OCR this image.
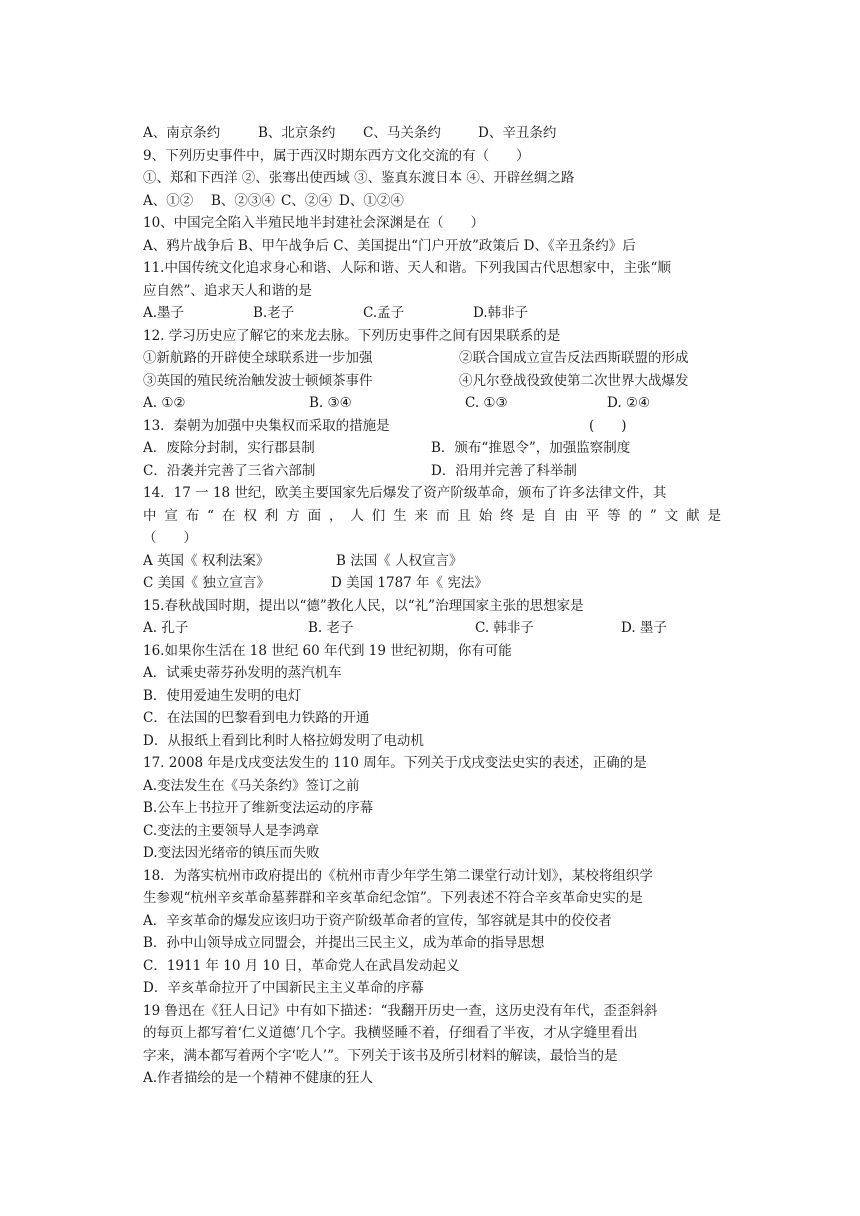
A、南京条约	B、北京条约	C、马关条约	D、辛丑条约
9、下列历史事件中，属于西汉时期东西方文化交流的有（　　）
①、郑和下西洋 ②、张骞出使西域 ③、鉴真东渡日本 ④、开辟丝绸之路
A、①②	B、②③④ C、②④ D、①②④
10、中国完全陷入半殖民地半封建社会深渊是在（　　）
A、鸦片战争后 B、甲午战争后 C、美国提出“门户开放”政策后 D、《辛丑条约》后
11.中国传统文化追求身心和谐、人际和谐、天人和谐。下列我国古代思想家中，主张“顺
应自然”、追求天人和谐的是
A.墨子	B.老子	C.孟子	D.韩非子
12. 学习历史应了解它的来龙去脉。下列历史事件之间有因果联系的是
①新航路的开辟使全球联系进一步加强	②联合国成立宣告反法西斯联盟的形成
③英国的殖民统治触发波士顿倾茶事件	④凡尔登战役致使第二次世界大战爆发
A. ①②	B. ③④	C. ①③	D. ②④
13．秦朝为加强中央集权而采取的措施是	(　　)
A．废除分封制，实行郡县制	B．颁布“推恩令”，加强监察制度
C．沿袭并完善了三省六部制	D．沿用并完善了科举制
14．17 一 18 世纪，欧美主要国家先后爆发了资产阶级革命，颁布了许多法律文件，其
中宣布“在权利方面，人们生来而且始终是自由平等的”文献是
（　　）
A 英国《 权利法案》	B 法国《 人权宣言》
C 美国《 独立宣言》	D 美国 1787 年《 宪法》
15.春秋战国时期，提出以“德”教化人民，以“礼”治理国家主张的思想家是
A. 孔子	B. 老子	C. 韩非子	D. 墨子
16.如果你生活在 18 世纪 60 年代到 19 世纪初期，你有可能
A．试乘史蒂芬孙发明的蒸汽机车
B．使用爱迪生发明的电灯
C．在法国的巴黎看到电力铁路的开通
D．从报纸上看到比利时人格拉姆发明了电动机
17. 2008 年是戊戌变法发生的 110 周年。下列关于戊戌变法史实的表述，正确的是
A.变法发生在《马关条约》签订之前
B.公车上书拉开了维新变法运动的序幕
C.变法的主要领导人是李鸿章
D.变法因光绪帝的镇压而失败
18．为落实杭州市政府提出的《杭州市青少年学生第二课堂行动计划》，某校将组织学
生参观“杭州辛亥革命墓葬群和辛亥革命纪念馆”。下列表述不符合辛亥革命史实的是
A．辛亥革命的爆发应该归功于资产阶级革命者的宣传，邹容就是其中的佼佼者
B．孙中山领导成立同盟会，并提出三民主义，成为革命的指导思想
C．1911 年 10 月 10 日，革命党人在武昌发动起义
D．辛亥革命拉开了中国新民主主义革命的序幕
19 鲁迅在《狂人日记》中有如下描述：“我翻开历史一查，这历史没有年代，歪歪斜斜
的每页上都写着‘仁义道德’几个字。我横竖睡不着，仔细看了半夜，才从字缝里看出
字来，满本都写着两个字‘吃人’”。下列关于该书及所引材料的解读，最恰当的是
A.作者描绘的是一个精神不健康的狂人
